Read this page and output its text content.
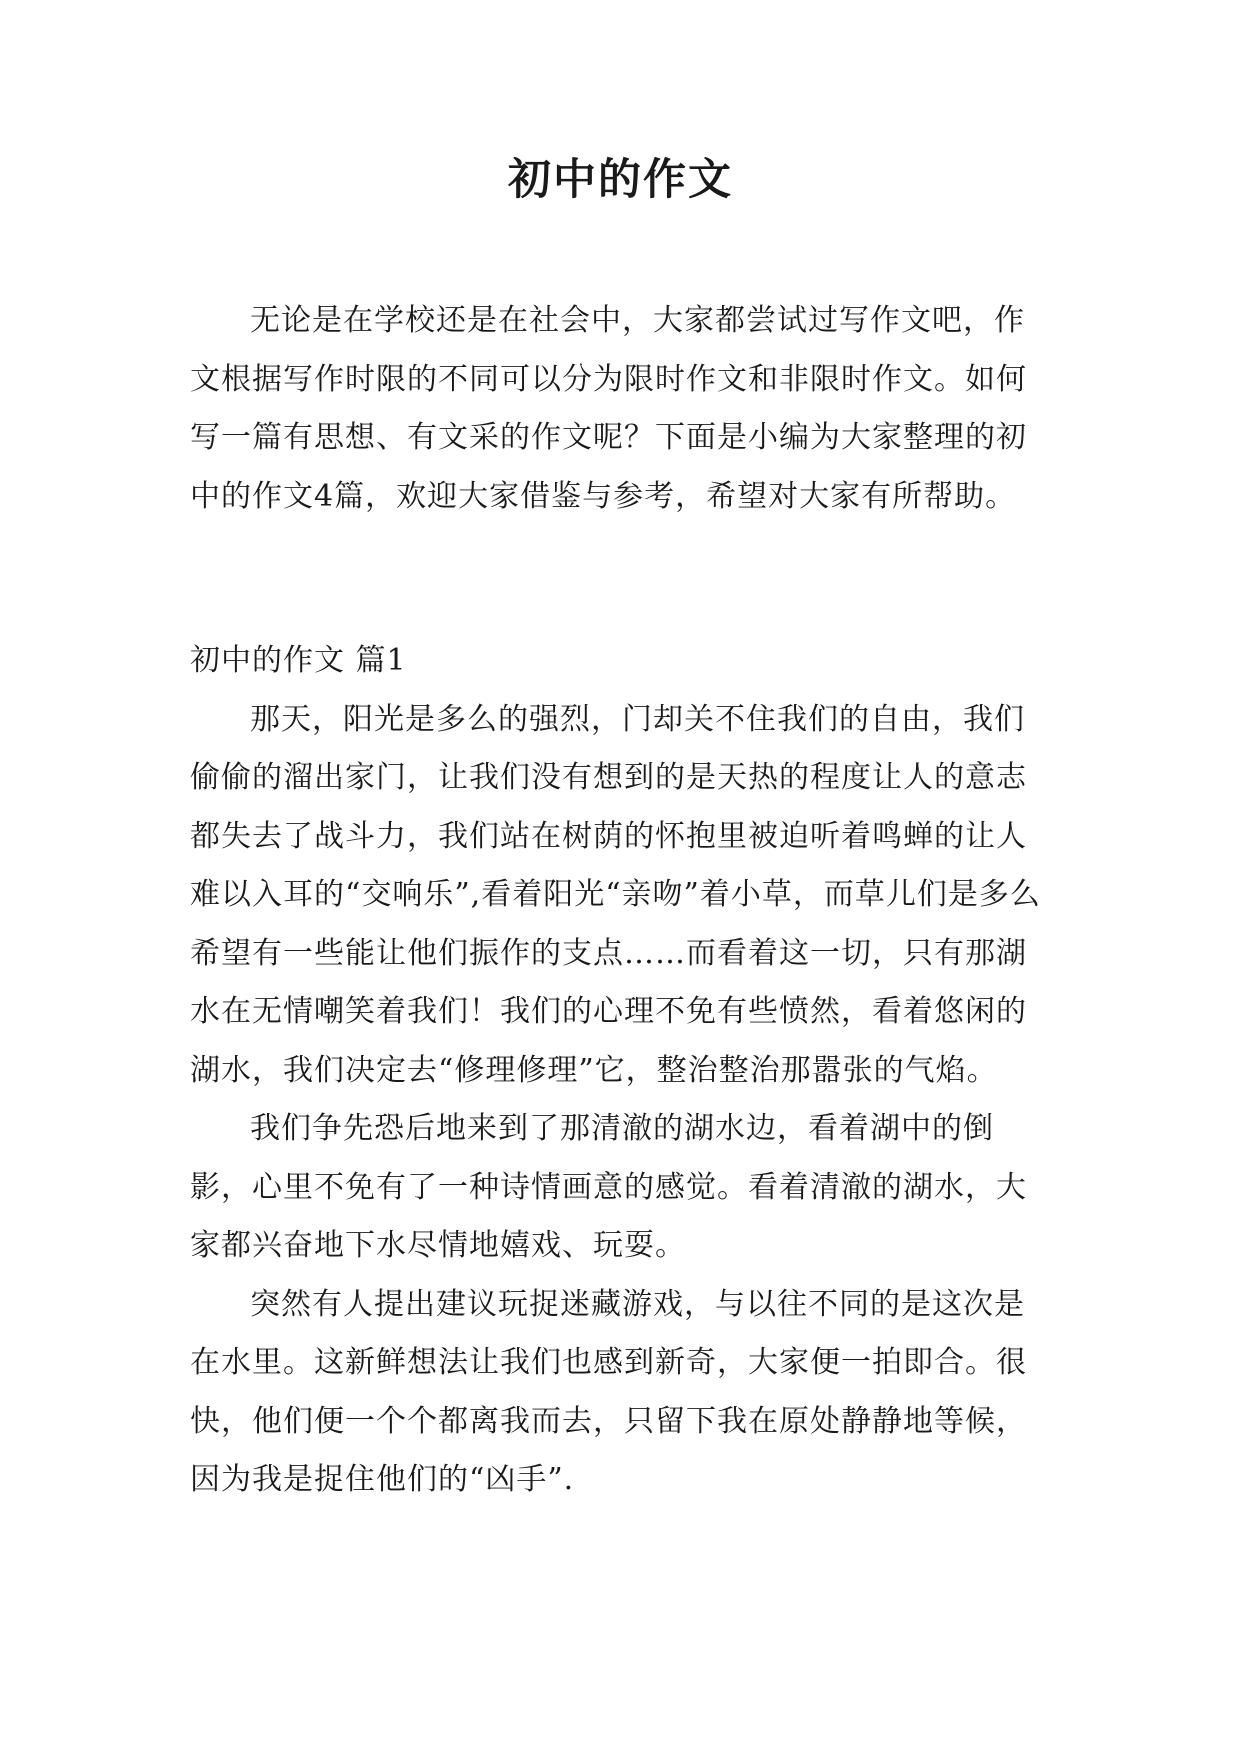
初中的作文

无论是在学校还是在社会中，大家都尝试过写作文吧，作文根据写作时限的不同可以分为限时作文和非限时作文。如何写一篇有思想、有文采的作文呢？下面是小编为大家整理的初中的作文4篇，欢迎大家借鉴与参考，希望对大家有所帮助。

初中的作文 篇1

那天，阳光是多么的强烈，门却关不住我们的自由，我们偷偷的溜出家门，让我们没有想到的是天热的程度让人的意志都失去了战斗力，我们站在树荫的怀抱里被迫听着鸣蝉的让人难以入耳的“交响乐”,看着阳光“亲吻”着小草，而草儿们是多么希望有一些能让他们振作的支点……而看着这一切，只有那湖水在无情嘲笑着我们！我们的心理不免有些愤然，看着悠闲的湖水，我们决定去“修理修理”它，整治整治那嚣张的气焰。

我们争先恐后地来到了那清澈的湖水边，看着湖中的倒影，心里不免有了一种诗情画意的感觉。看着清澈的湖水，大家都兴奋地下水尽情地嬉戏、玩耍。

突然有人提出建议玩捉迷藏游戏，与以往不同的是这次是在水里。这新鲜想法让我们也感到新奇，大家便一拍即合。很快，他们便一个个都离我而去，只留下我在原处静静地等候，因为我是捉住他们的“凶手”.
